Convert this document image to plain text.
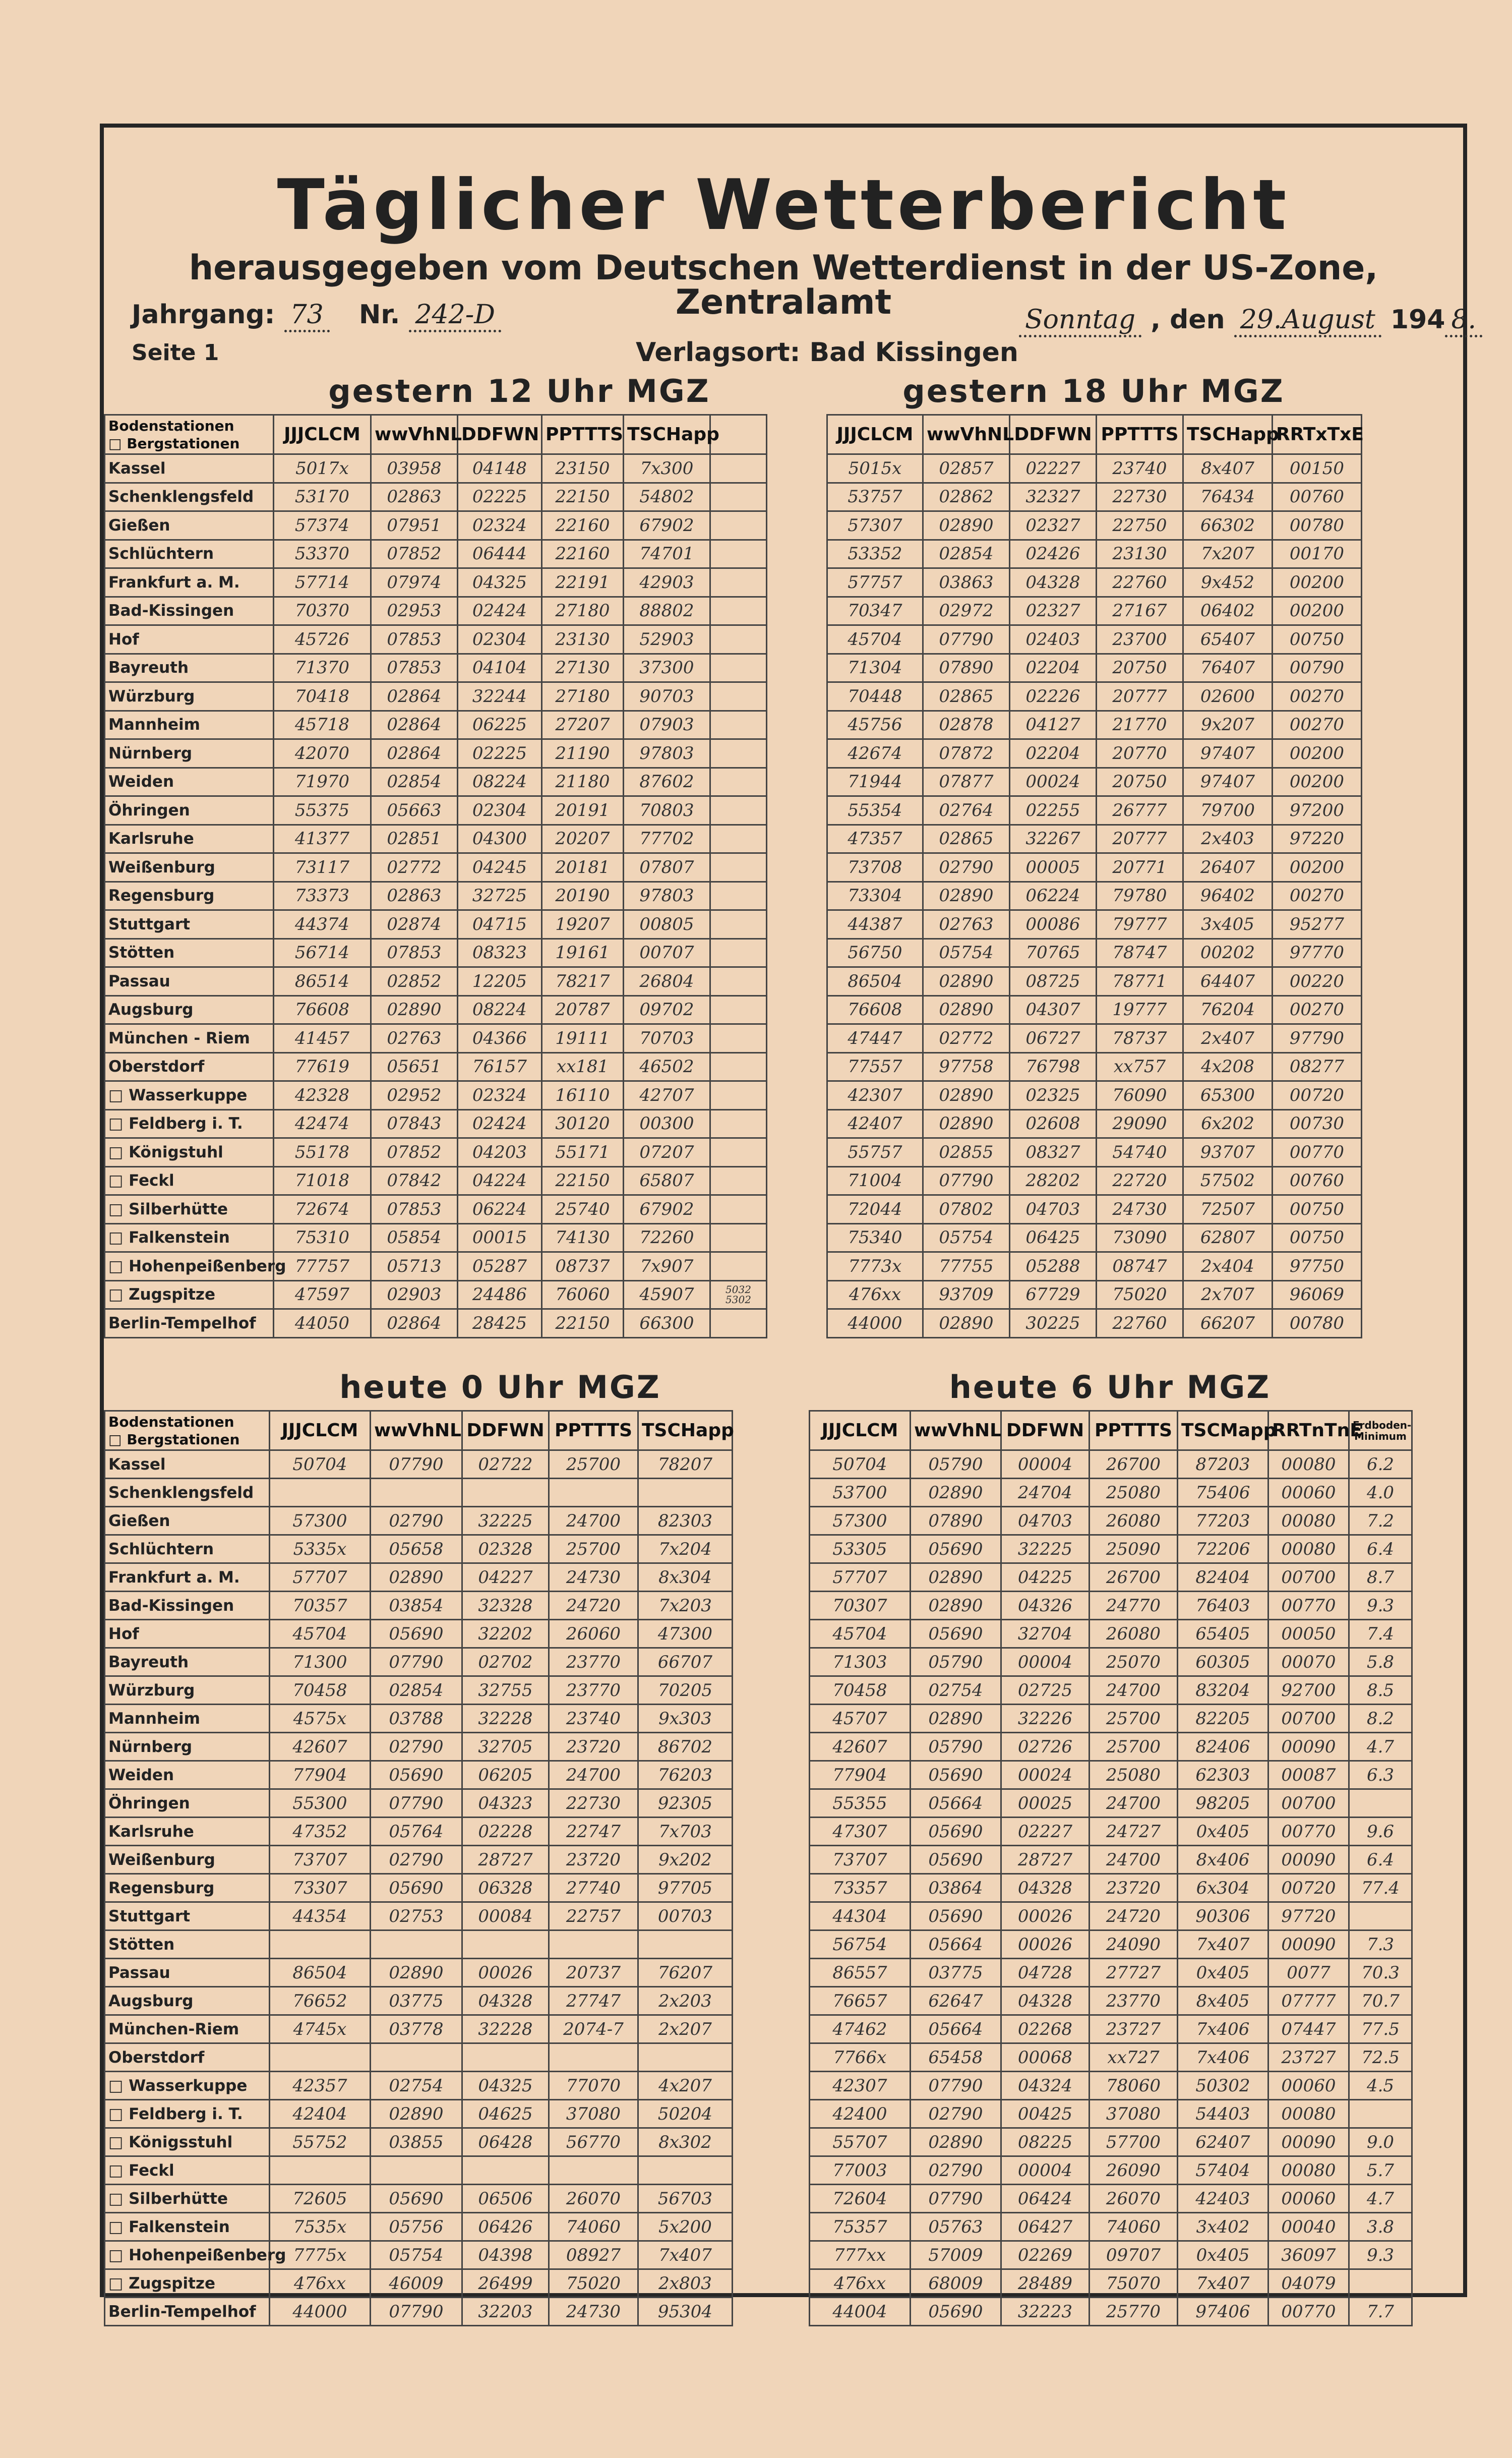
Täglicher Wetterbericht
herausgegeben vom Deutschen Wetterdienst in der US-Zone, Zentralamt
Jahrgang: 73 Nr. 242-D
Seite 1	Verlagsort: Bad Kissingen
Sonntag , den 29.August 194 8.
gestern 12 Uhr MGZ
Bodenstationen
□ Bergstationen	JJJCLCM	wwVhNL	DDFWN	PPTTTS	TSCHapp	
Kassel	5017x	03958	04148	23150	7x300	
Schenklengsfeld	53170	02863	02225	22150	54802	
Gießen	57374	07951	02324	22160	67902	
Schlüchtern	53370	07852	06444	22160	74701	
Frankfurt a. M.	57714	07974	04325	22191	42903	
Bad-Kissingen	70370	02953	02424	27180	88802	
Hof	45726	07853	02304	23130	52903	
Bayreuth	71370	07853	04104	27130	37300	
Würzburg	70418	02864	32244	27180	90703	
Mannheim	45718	02864	06225	27207	07903	
Nürnberg	42070	02864	02225	21190	97803	
Weiden	71970	02854	08224	21180	87602	
Öhringen	55375	05663	02304	20191	70803	
Karlsruhe	41377	02851	04300	20207	77702	
Weißenburg	73117	02772	04245	20181	07807	
Regensburg	73373	02863	32725	20190	97803	
Stuttgart	44374	02874	04715	19207	00805	
Stötten	56714	07853	08323	19161	00707	
Passau	86514	02852	12205	78217	26804	
Augsburg	76608	02890	08224	20787	09702	
München - Riem	41457	02763	04366	19111	70703	
Oberstdorf	77619	05651	76157	xx181	46502	
□ Wasserkuppe	42328	02952	02324	16110	42707	
□ Feldberg i. T.	42474	07843	02424	30120	00300	
□ Königstuhl	55178	07852	04203	55171	07207	
□ Feckl	71018	07842	04224	22150	65807	
□ Silberhütte	72674	07853	06224	25740	67902	
□ Falkenstein	75310	05854	00015	74130	72260	
□ Hohenpeißenberg	77757	05713	05287	08737	7x907	
□ Zugspitze	47597	02903	24486	76060	45907	5032 5302
Berlin-Tempelhof	44050	02864	28425	22150	66300	
gestern 18 Uhr MGZ
JJJCLCM	wwVhNL	DDFWN	PPTTTS	TSCHapp	RRTxTxE
5015x	02857	02227	23740	8x407	00150
53757	02862	32327	22730	76434	00760
57307	02890	02327	22750	66302	00780
53352	02854	02426	23130	7x207	00170
57757	03863	04328	22760	9x452	00200
70347	02972	02327	27167	06402	00200
45704	07790	02403	23700	65407	00750
71304	07890	02204	20750	76407	00790
70448	02865	02226	20777	02600	00270
45756	02878	04127	21770	9x207	00270
42674	07872	02204	20770	97407	00200
71944	07877	00024	20750	97407	00200
55354	02764	02255	26777	79700	97200
47357	02865	32267	20777	2x403	97220
73708	02790	00005	20771	26407	00200
73304	02890	06224	79780	96402	00270
44387	02763	00086	79777	3x405	95277
56750	05754	70765	78747	00202	97770
86504	02890	08725	78771	64407	00220
76608	02890	04307	19777	76204	00270
47447	02772	06727	78737	2x407	97790
77557	97758	76798	xx757	4x208	08277
42307	02890	02325	76090	65300	00720
42407	02890	02608	29090	6x202	00730
55757	02855	08327	54740	93707	00770
71004	07790	28202	22720	57502	00760
72044	07802	04703	24730	72507	00750
75340	05754	06425	73090	62807	00750
7773x	77755	05288	08747	2x404	97750
476xx	93709	67729	75020	2x707	96069
44000	02890	30225	22760	66207	00780
heute 0 Uhr MGZ
Bodenstationen
□ Bergstationen	JJJCLCM	wwVhNL	DDFWN	PPTTTS	TSCHapp
Kassel	50704	07790	02722	25700	78207
Schenklengsfeld					
Gießen	57300	02790	32225	24700	82303
Schlüchtern	5335x	05658	02328	25700	7x204
Frankfurt a. M.	57707	02890	04227	24730	8x304
Bad-Kissingen	70357	03854	32328	24720	7x203
Hof	45704	05690	32202	26060	47300
Bayreuth	71300	07790	02702	23770	66707
Würzburg	70458	02854	32755	23770	70205
Mannheim	4575x	03788	32228	23740	9x303
Nürnberg	42607	02790	32705	23720	86702
Weiden	77904	05690	06205	24700	76203
Öhringen	55300	07790	04323	22730	92305
Karlsruhe	47352	05764	02228	22747	7x703
Weißenburg	73707	02790	28727	23720	9x202
Regensburg	73307	05690	06328	27740	97705
Stuttgart	44354	02753	00084	22757	00703
Stötten					
Passau	86504	02890	00026	20737	76207
Augsburg	76652	03775	04328	27747	2x203
München-Riem	4745x	03778	32228	2074-7	2x207
Oberstdorf					
□ Wasserkuppe	42357	02754	04325	77070	4x207
□ Feldberg i. T.	42404	02890	04625	37080	50204
□ Königsstuhl	55752	03855	06428	56770	8x302
□ Feckl					
□ Silberhütte	72605	05690	06506	26070	56703
□ Falkenstein	7535x	05756	06426	74060	5x200
□ Hohenpeißenberg	7775x	05754	04398	08927	7x407
□ Zugspitze	476xx	46009	26499	75020	2x803
Berlin-Tempelhof	44000	07790	32203	24730	95304
heute 6 Uhr MGZ
JJJCLCM	wwVhNL	DDFWN	PPTTTS	TSCMapp	RRTnTnE	Erdboden-Minimum
50704	05790	00004	26700	87203	00080	6.2
53700	02890	24704	25080	75406	00060	4.0
57300	07890	04703	26080	77203	00080	7.2
53305	05690	32225	25090	72206	00080	6.4
57707	02890	04225	26700	82404	00700	8.7
70307	02890	04326	24770	76403	00770	9.3
45704	05690	32704	26080	65405	00050	7.4
71303	05790	00004	25070	60305	00070	5.8
70458	02754	02725	24700	83204	92700	8.5
45707	02890	32226	25700	82205	00700	8.2
42607	05790	02726	25700	82406	00090	4.7
77904	05690	00024	25080	62303	00087	6.3
55355	05664	00025	24700	98205	00700	
47307	05690	02227	24727	0x405	00770	9.6
73707	05690	28727	24700	8x406	00090	6.4
73357	03864	04328	23720	6x304	00720	77.4
44304	05690	00026	24720	90306	97720	
56754	05664	00026	24090	7x407	00090	7.3
86557	03775	04728	27727	0x405	0077	70.3
76657	62647	04328	23770	8x405	07777	70.7
47462	05664	02268	23727	7x406	07447	77.5
7766x	65458	00068	xx727	7x406	23727	72.5
42307	07790	04324	78060	50302	00060	4.5
42400	02790	00425	37080	54403	00080	
55707	02890	08225	57700	62407	00090	9.0
77003	02790	00004	26090	57404	00080	5.7
72604	07790	06424	26070	42403	00060	4.7
75357	05763	06427	74060	3x402	00040	3.8
777xx	57009	02269	09707	0x405	36097	9.3
476xx	68009	28489	75070	7x407	04079	
44004	05690	32223	25770	97406	00770	7.7
